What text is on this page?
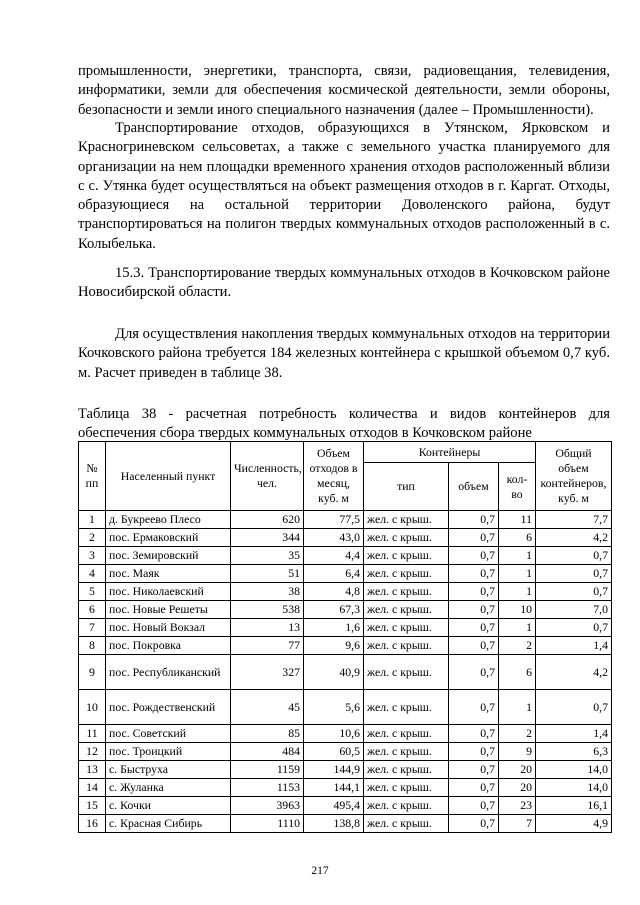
промышленности, энергетики, транспорта, связи, радиовещания, телевидения, информатики, земли для обеспечения космической деятельности, земли обороны, безопасности и земли иного специального назначения (далее – Промышленности).

Транспортирование отходов, образующихся в Утянском, Ярковском и Красногриневском сельсоветах, а также с земельного участка планируемого для организации на нем площадки временного хранения отходов расположенный вблизи с с. Утянка будет осуществляться на объект размещения отходов в г. Каргат. Отходы, образующиеся на остальной территории Доволенского района, будут транспортироваться на полигон твердых коммунальных отходов расположенный в с. Колыбелька.

15.3. Транспортирование твердых коммунальных отходов в Кочковском районе Новосибирской области.

Для осуществления накопления твердых коммунальных отходов на территории Кочковского района требуется 184 железных контейнера с крышкой объемом 0,7 куб. м. Расчет приведен в таблице 38.

Таблица 38 - расчетная потребность количества и видов контейнеров для обеспечения сбора твердых коммунальных отходов в Кочковском районе

№ пп	Населенный пункт	Численность, чел.	Объем отходов в месяц, куб. м	Контейнеры			Общий объем контейнеров, куб. м
				тип	объем	кол-во	
1	д. Букреево Плесо	620	77,5	жел. с крыш.	0,7	11	7,7
2	пос. Ермаковский	344	43,0	жел. с крыш.	0,7	6	4,2
3	пос. Земировский	35	4,4	жел. с крыш.	0,7	1	0,7
4	пос. Маяк	51	6,4	жел. с крыш.	0,7	1	0,7
5	пос. Николаевский	38	4,8	жел. с крыш.	0,7	1	0,7
6	пос. Новые Решеты	538	67,3	жел. с крыш.	0,7	10	7,0
7	пос. Новый Вокзал	13	1,6	жел. с крыш.	0,7	1	0,7
8	пос. Покровка	77	9,6	жел. с крыш.	0,7	2	1,4
9	пос. Республиканский	327	40,9	жел. с крыш.	0,7	6	4,2
10	пос. Рождественский	45	5,6	жел. с крыш.	0,7	1	0,7
11	пос. Советский	85	10,6	жел. с крыш.	0,7	2	1,4
12	пос. Троицкий	484	60,5	жел. с крыш.	0,7	9	6,3
13	с. Быструха	1159	144,9	жел. с крыш.	0,7	20	14,0
14	с. Жуланка	1153	144,1	жел. с крыш.	0,7	20	14,0
15	с. Кочки	3963	495,4	жел. с крыш.	0,7	23	16,1
16	с. Красная Сибирь	1110	138,8	жел. с крыш.	0,7	7	4,9
217
